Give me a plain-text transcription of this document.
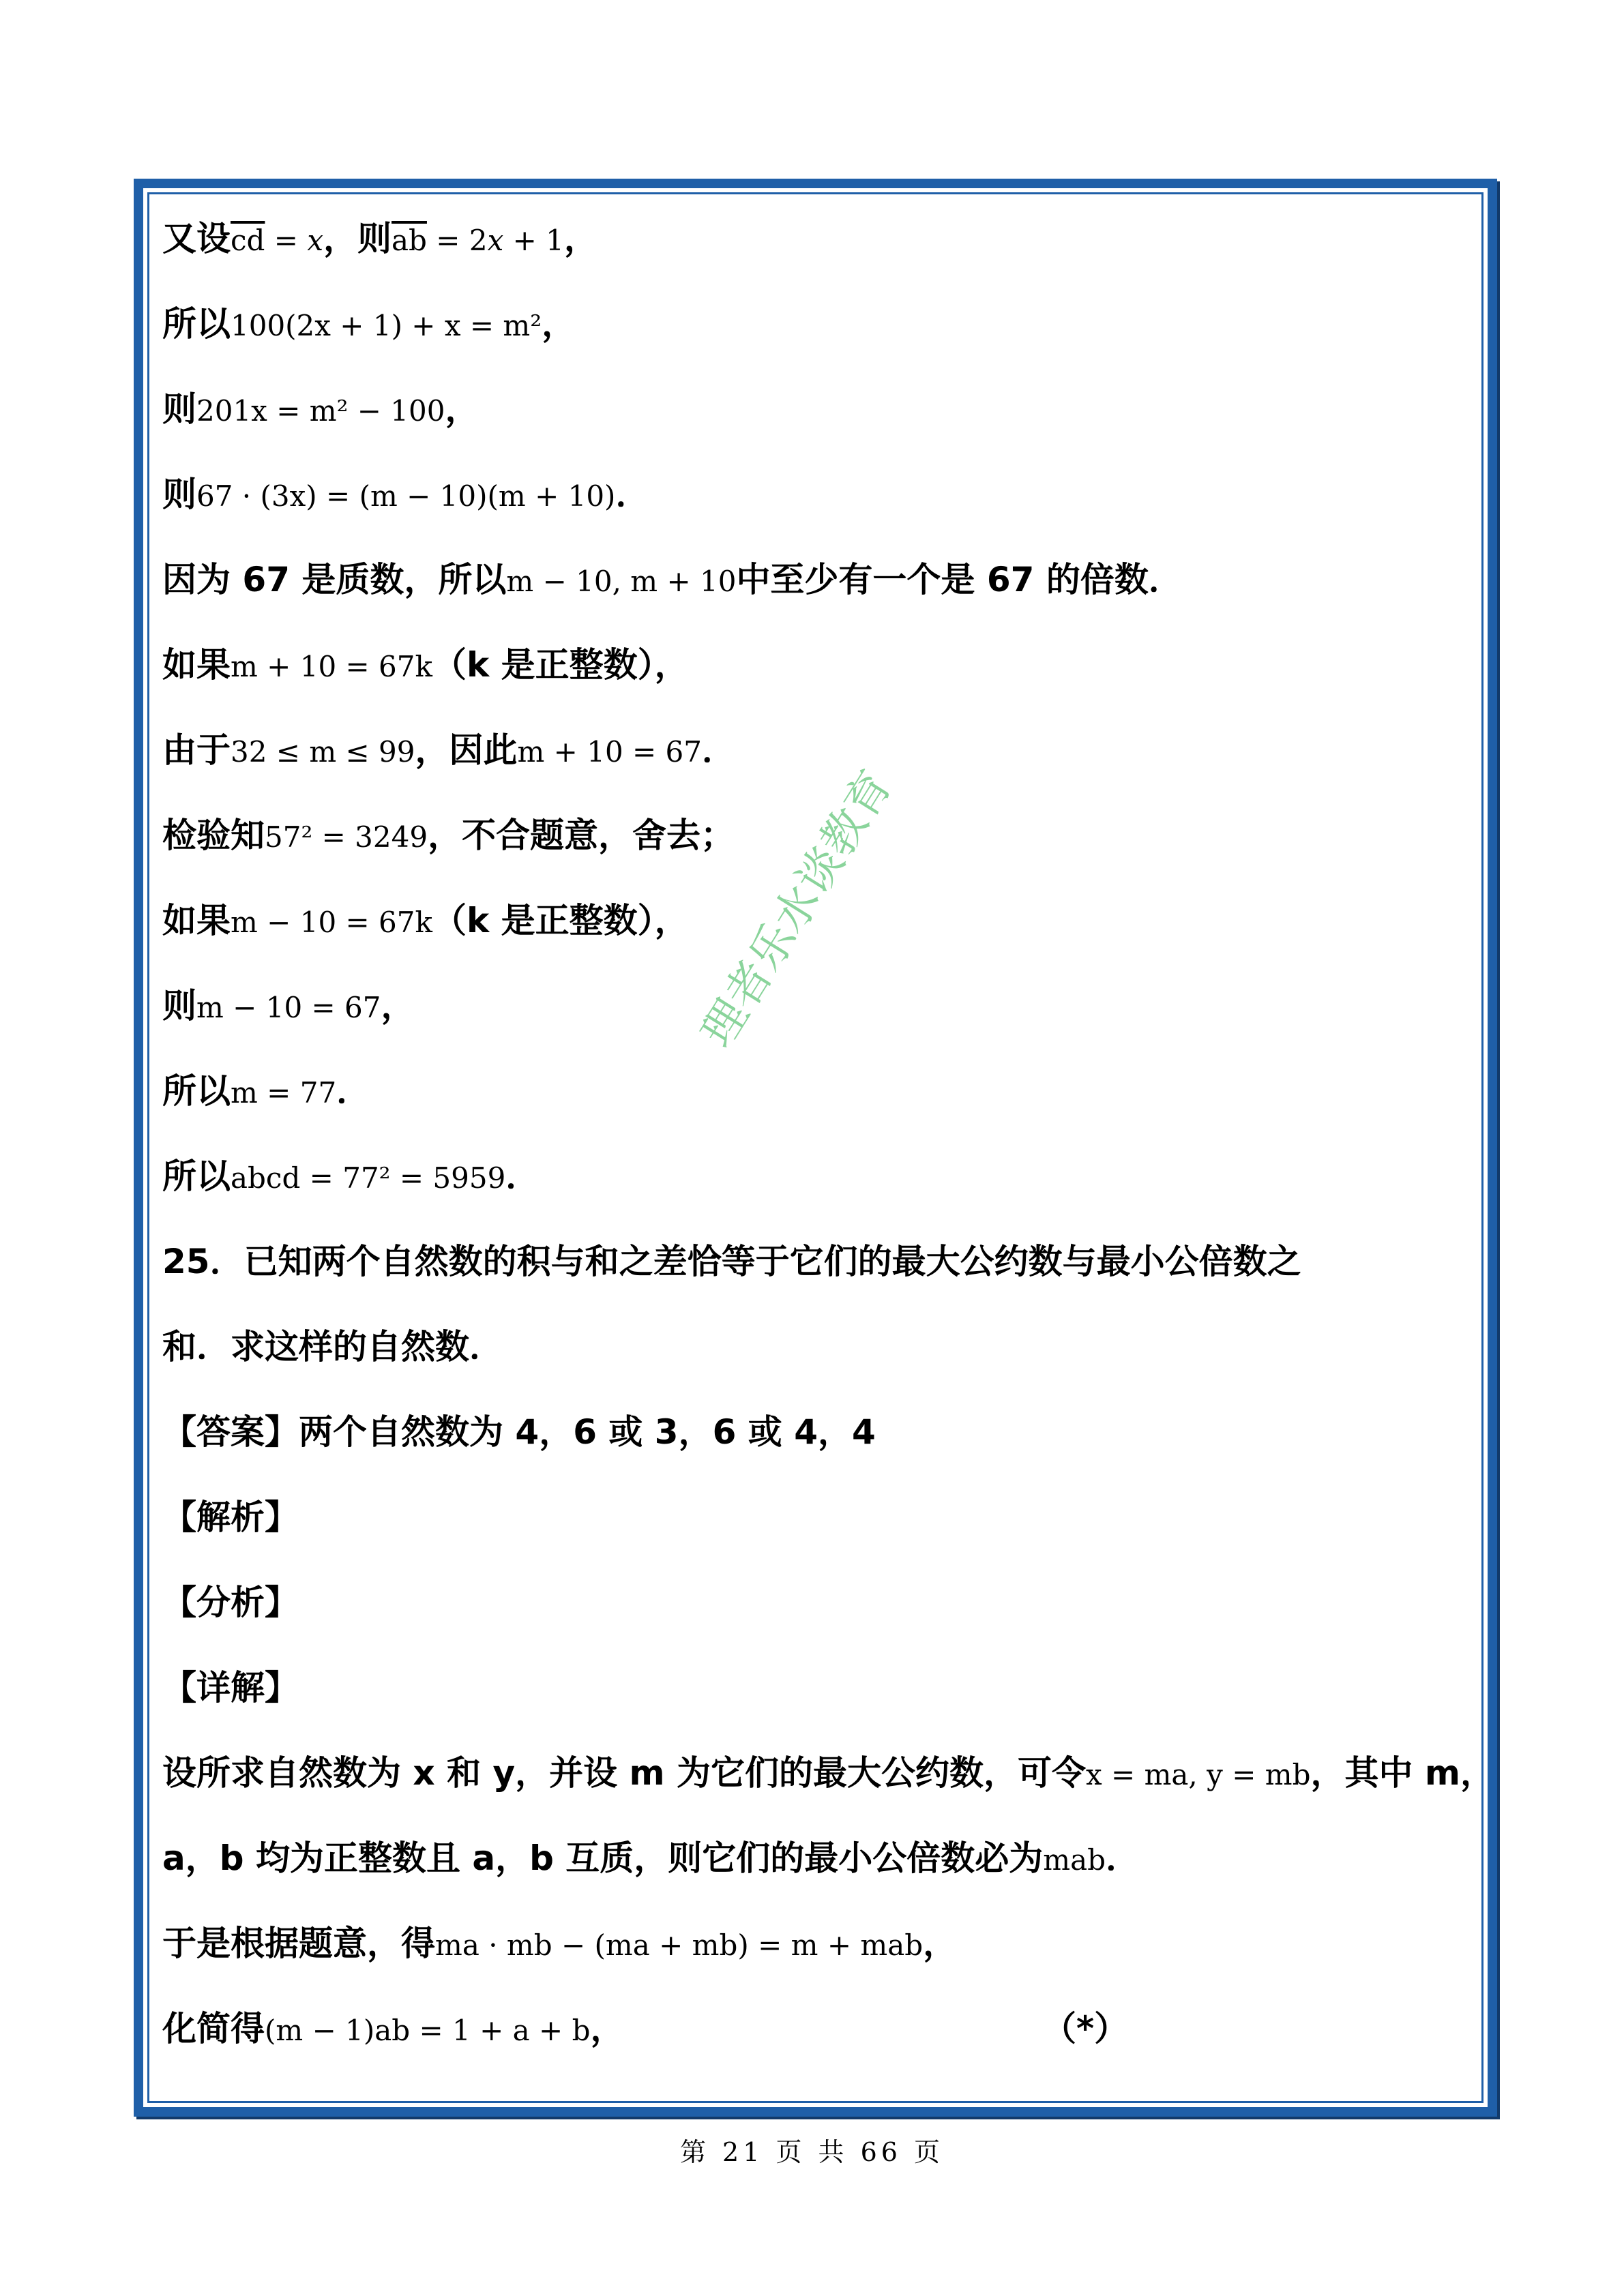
又设$\overline{cd} = x$，则$\overline{ab} = 2x + 1$，
所以100(2x + 1) + x = m²，
则201x = m² − 100，
则67 · (3x) = (m − 10)(m + 10)．
因为 67 是质数，所以m − 10, m + 10中至少有一个是 67 的倍数．
如果m + 10 = 67k（k 是正整数），
由于32 ≤ m ≤ 99，因此m + 10 = 67．
检验知57² = 3249，不合题意，舍去；
如果m − 10 = 67k（k 是正整数），
则m − 10 = 67，
所以m = 77．
所以abcd = 77² = 5959．
25．已知两个自然数的积与和之差恰等于它们的最大公约数与最小公倍数之
和．求这样的自然数．
【答案】两个自然数为 4，6 或 3，6 或 4，4
【解析】
【分析】
【详解】
设所求自然数为 x 和 y，并设 m 为它们的最大公约数，可令x = ma, y = mb，其中 m，
a，b 均为正整数且 a，b 互质，则它们的最小公倍数必为mab．
于是根据题意，得ma · mb − (ma + mb) = m + mab，
化简得(m − 1)ab = 1 + a + b，	（*）
理者乐水谈教育
第 21 页 共 66 页
